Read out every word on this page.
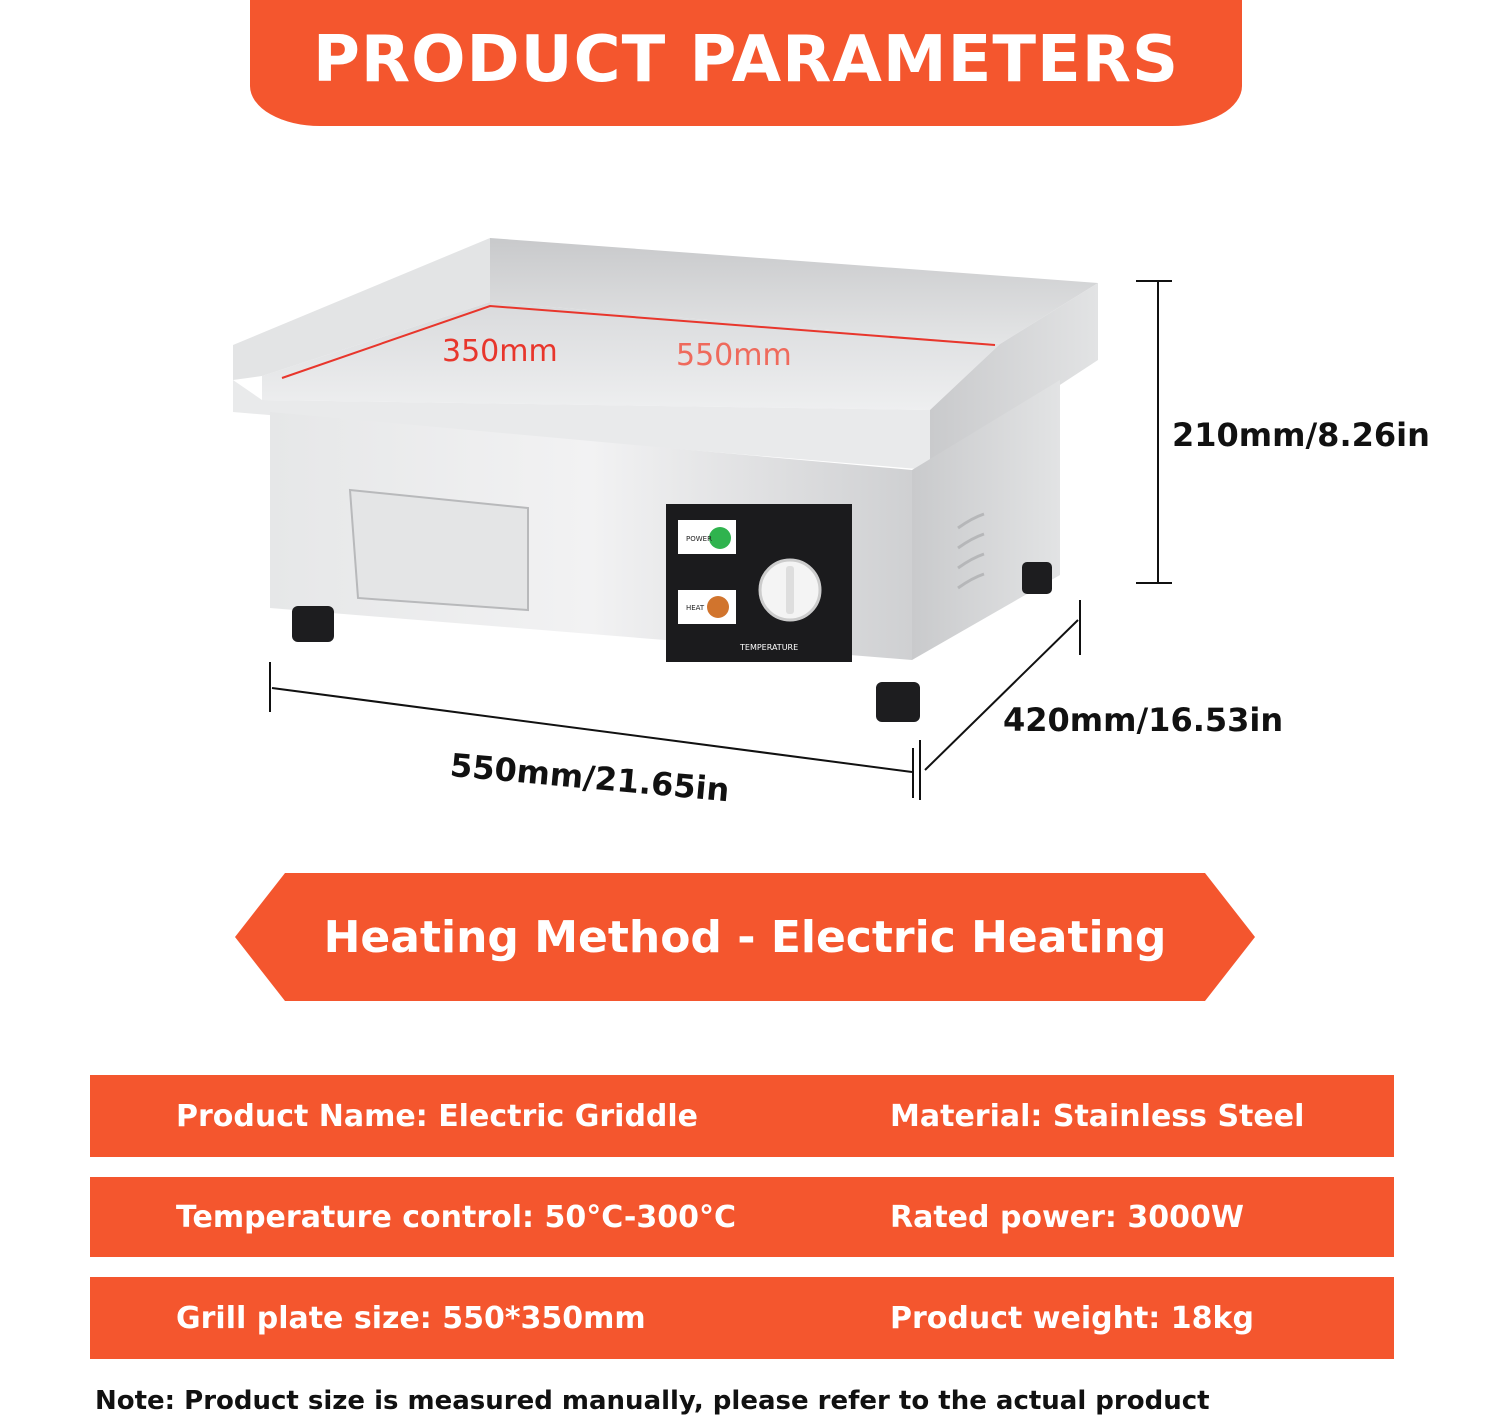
PRODUCT PARAMETERS
POWER
HEAT
TEMPERATURE
350mm	550mm
210mm/8.26in
420mm/16.53in
550mm/21.65in
Heating Method - Electric Heating
Product Name: Electric Griddle	Material: Stainless Steel
Temperature control: 50°C-300°C	Rated power: 3000W
Grill plate size: 550*350mm	Product weight: 18kg
Note: Product size is measured manually, please refer to the actual product
